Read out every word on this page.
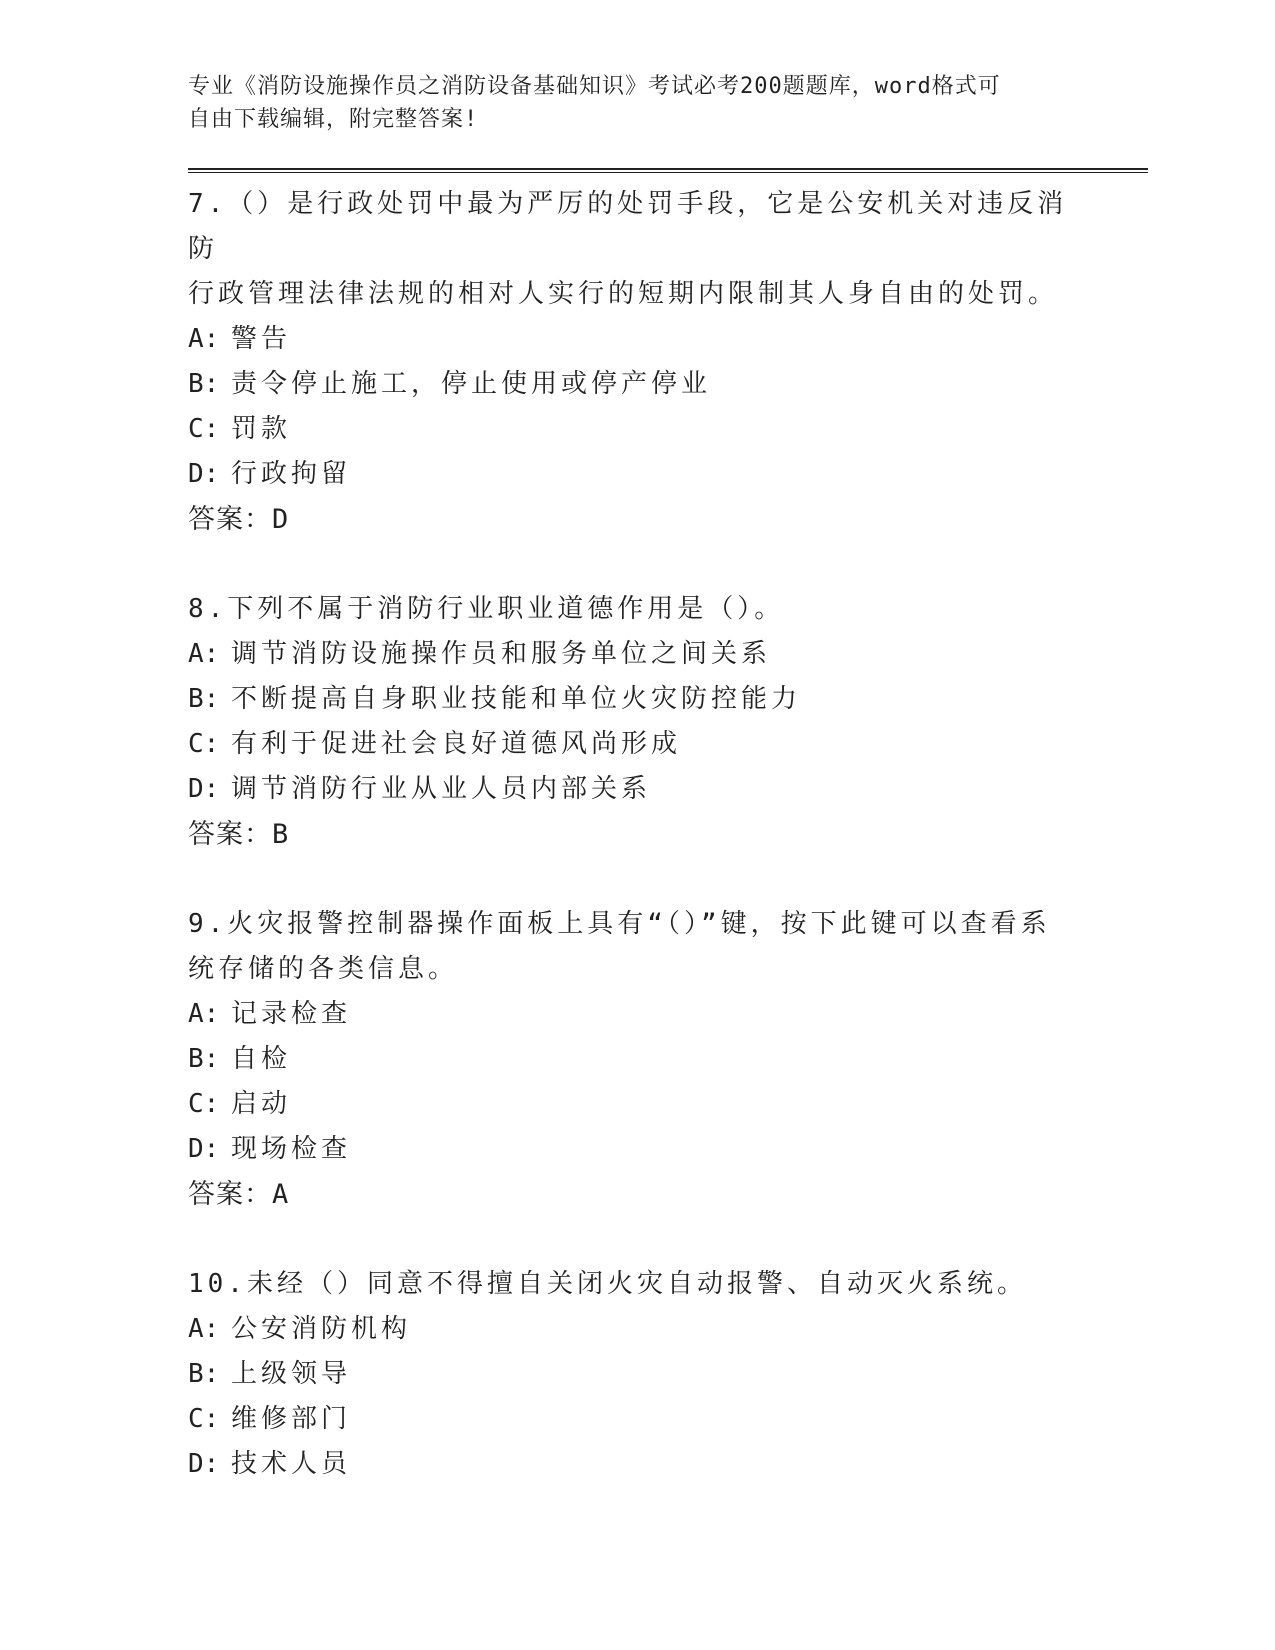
专业《消防设施操作员之消防设备基础知识》考试必考200题题库，word格式可
自由下载编辑，附完整答案!

7.（）是行政处罚中最为严厉的处罚手段，它是公安机关对违反消防

行政管理法律法规的相对人实行的短期内限制其人身自由的处罚。

A: 警告

B: 责令停止施工，停止使用或停产停业

C: 罚款

D: 行政拘留

答案：D

8.下列不属于消防行业职业道德作用是（）。

A: 调节消防设施操作员和服务单位之间关系

B: 不断提高自身职业技能和单位火灾防控能力

C: 有利于促进社会良好道德风尚形成

D: 调节消防行业从业人员内部关系

答案：B

9.火灾报警控制器操作面板上具有“（）”键，按下此键可以查看系

统存储的各类信息。

A: 记录检查

B: 自检

C: 启动

D: 现场检查

答案：A

10.未经（）同意不得擅自关闭火灾自动报警、自动灭火系统。

A: 公安消防机构

B: 上级领导

C: 维修部门

D: 技术人员
